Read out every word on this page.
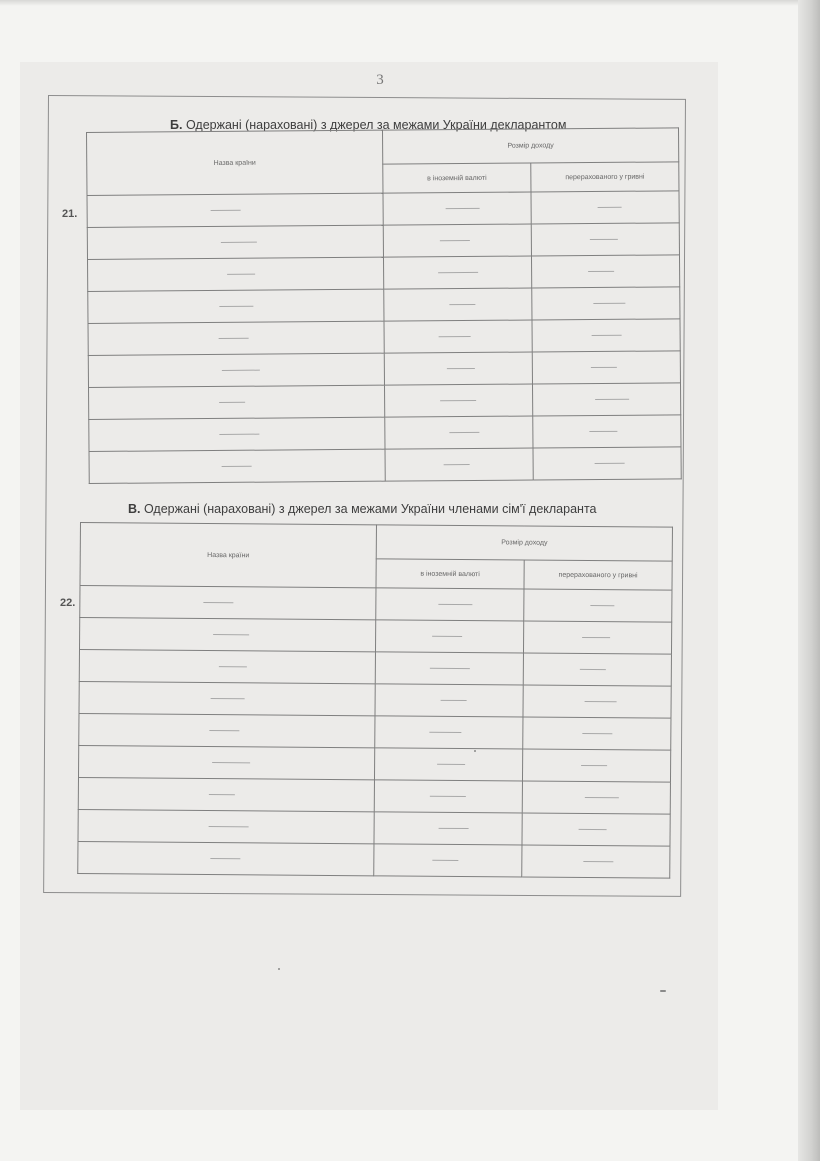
3
Б. Одержані (нараховані) з джерел за межами України декларантом
21.
Назва країни	Розмір доходу	
	в іноземній валюті	перерахованого у гривні

В. Одержані (нараховані) з джерел за межами України членами сім'ї декларанта
22.
Назва країни	Розмір доходу	
	в іноземній валюті	перерахованого у гривні
